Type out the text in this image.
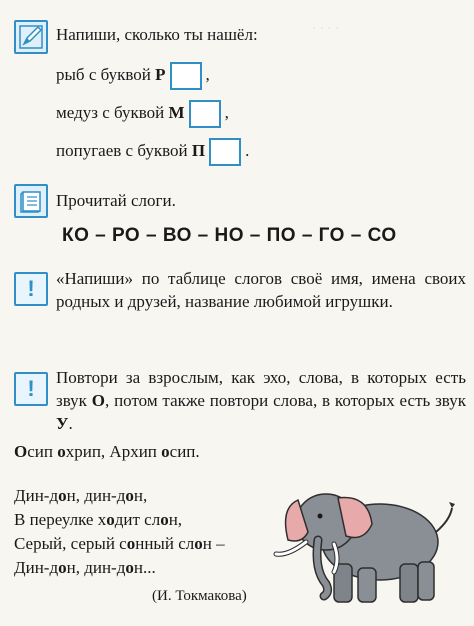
· · · ·
Напиши, сколько ты нашёл:
рыб с буквой Р ,
медуз с буквой М ,
попугаев с буквой П .
Прочитай слоги.
КО – РО – ВО – НО – ПО – ГО – СО
! «Напиши» по таблице слогов своё имя, имена своих родных и друзей, название любимой игрушки.
! Повтори за взрослым, как эхо, слова, в которых есть звук О, потом также повтори слова, в которых есть звук У.
Осип охрип, Архип осип.
Дин-дон, дин-дон,
В переулке ходит слон,
Серый, серый сонный слон –
Дин-дон, дин-дон...
(И. Токмакова)
